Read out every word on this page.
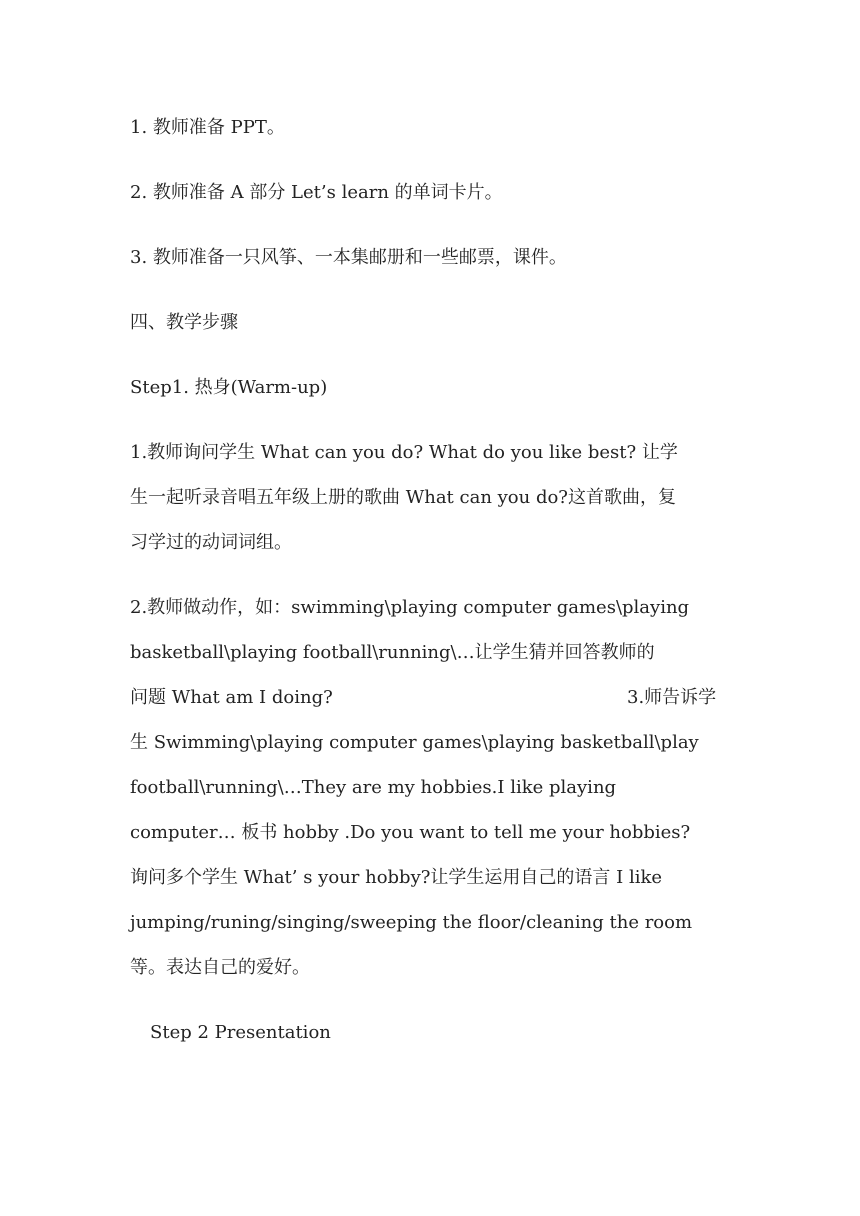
1. 教师准备 PPT。
2. 教师准备 A 部分 Let’s learn 的单词卡片。
3. 教师准备一只风筝、一本集邮册和一些邮票，课件。
四、教学步骤
Step1. 热身(Warm-up)
1.教师询问学生 What can you do? What do you like best? 让学
生一起听录音唱五年级上册的歌曲 What can you do?这首歌曲，复
习学过的动词词组。
2.教师做动作，如：swimming\playing computer games\playing
basketball\playing football\running\…让学生猜并回答教师的
问题 What am I doing?	3.师告诉学
生 Swimming\playing computer games\playing basketball\play
football\running\…They are my hobbies.I like playing
computer… 板书 hobby .Do you want to tell me your hobbies?
询问多个学生 What’ s your hobby?让学生运用自己的语言 I like
jumping/runing/singing/sweeping the floor/cleaning the room
等。表达自己的爱好。
Step 2 Presentation
